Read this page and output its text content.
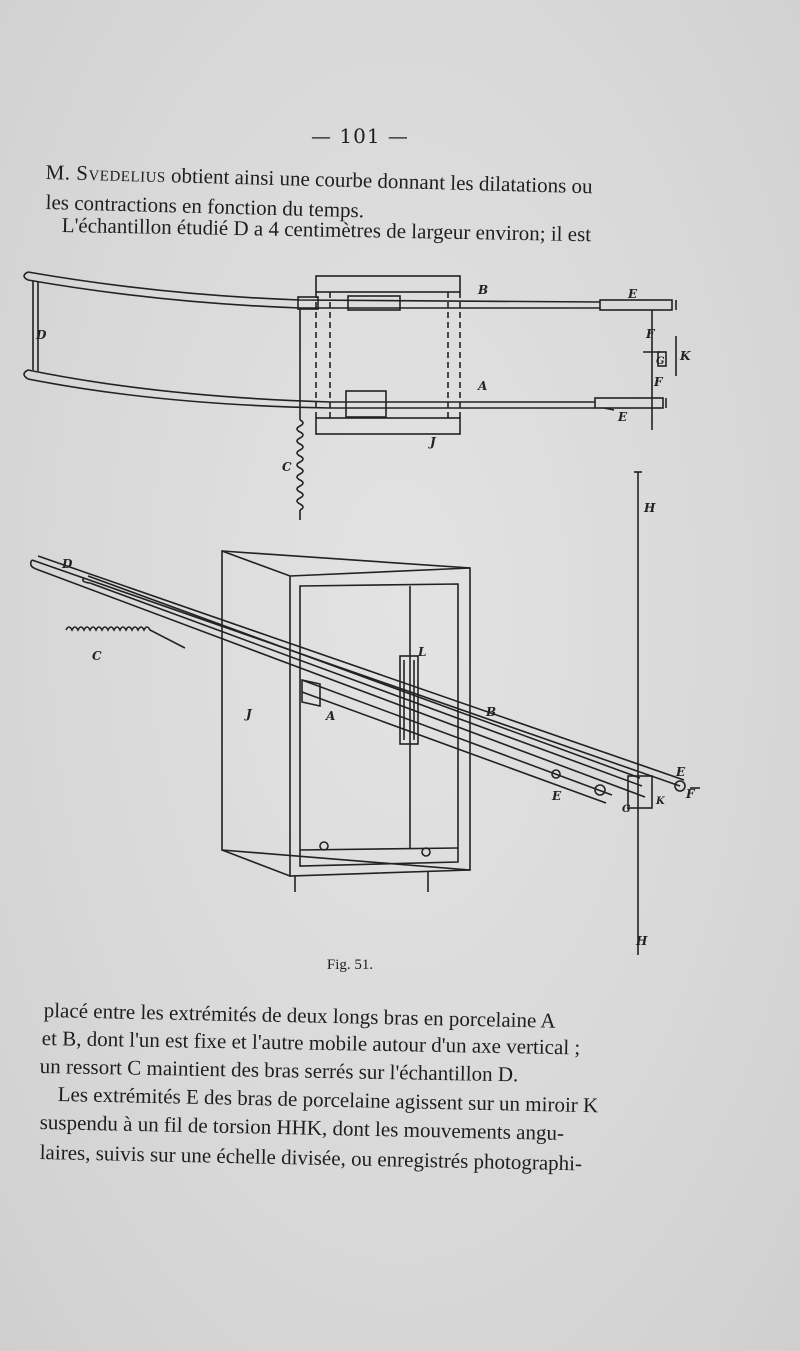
— 101 —
M. Svedelius obtient ainsi une courbe donnant les dilatations ou
les contractions en fonction du temps.
L'échantillon étudié D a 4 centimètres de largeur environ; il est
D
B	E
F
G K
F
A
E
J
C
H
D
C	L
J	A	B
E
E	F
G
K
H
Fig. 51.
placé entre les extrémités de deux longs bras en porcelaine A
et B, dont l'un est fixe et l'autre mobile autour d'un axe vertical ;
un ressort C maintient des bras serrés sur l'échantillon D.
Les extrémités E des bras de porcelaine agissent sur un miroir K
suspendu à un fil de torsion HHK, dont les mouvements angu-
laires, suivis sur une échelle divisée, ou enregistrés photographi-
